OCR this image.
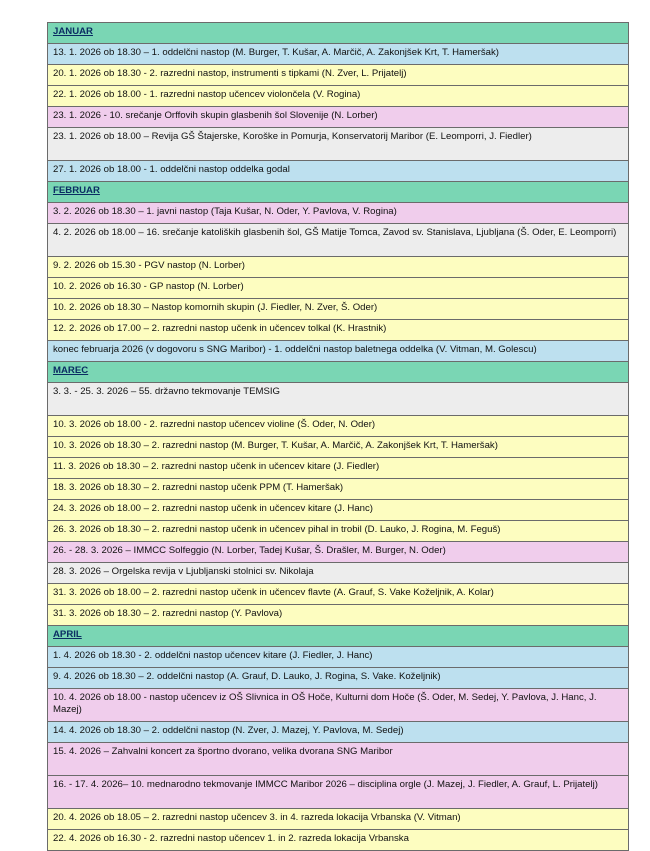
JANUAR
13. 1. 2026 ob 18.30 – 1. oddelčni nastop (M. Burger, T. Kušar, A. Marčič, A. Zakonjšek Krt, T. Hameršak)
20. 1. 2026 ob 18.30 - 2. razredni nastop, instrumenti s tipkami (N. Zver, L. Prijatelj)
22. 1. 2026 ob 18.00 - 1. razredni nastop učencev violončela (V. Rogina)
23. 1. 2026 - 10. srečanje Orffovih skupin glasbenih šol Slovenije (N. Lorber)
23. 1. 2026 ob 18.00 – Revija GŠ Štajerske, Koroške in Pomurja, Konservatorij Maribor (E. Leomporri, J. Fiedler)
27. 1. 2026 ob 18.00 - 1. oddelčni nastop oddelka godal
FEBRUAR
3. 2. 2026 ob 18.30 – 1. javni nastop (Taja Kušar, N. Oder, Y. Pavlova, V. Rogina)
4. 2. 2026 ob 18.00 – 16. srečanje katoliških glasbenih šol, GŠ Matije Tomca, Zavod sv. Stanislava, Ljubljana (Š. Oder, E. Leomporri)
9. 2. 2026 ob 15.30 - PGV nastop (N. Lorber)
10. 2. 2026 ob 16.30 - GP nastop (N. Lorber)
10. 2. 2026 ob 18.30 – Nastop komornih skupin (J. Fiedler, N. Zver, Š. Oder)
12. 2. 2026 ob 17.00 – 2. razredni nastop učenk in učencev tolkal (K. Hrastnik)
konec februarja 2026 (v dogovoru s SNG Maribor) - 1. oddelčni nastop baletnega oddelka (V. Vitman, M. Golescu)
MAREC
3. 3. - 25. 3. 2026 – 55. državno tekmovanje TEMSIG
10. 3. 2026 ob 18.00 - 2. razredni nastop učencev violine (Š. Oder, N. Oder)
10. 3. 2026 ob 18.30 – 2. razredni nastop (M. Burger, T. Kušar, A. Marčič, A. Zakonjšek Krt, T. Hameršak)
11. 3. 2026 ob 18.30 – 2. razredni nastop učenk in učencev kitare (J. Fiedler)
18. 3. 2026 ob 18.30 – 2. razredni nastop učenk PPM (T. Hameršak)
24. 3. 2026 ob 18.00 – 2. razredni nastop učenk in učencev kitare (J. Hanc)
26. 3. 2026 ob 18.30 – 2. razredni nastop učenk in učencev pihal in trobil (D. Lauko, J. Rogina, M. Feguš)
26. - 28. 3. 2026 – IMMCC Solfeggio (N. Lorber, Tadej Kušar, Š. Drašler, M. Burger, N. Oder)
28. 3. 2026 – Orgelska revija v Ljubljanski stolnici sv. Nikolaja
31. 3. 2026 ob 18.00 – 2. razredni nastop učenk in učencev flavte (A. Grauf, S. Vake Koželjnik, A. Kolar)
31. 3. 2026 ob 18.30 – 2. razredni nastop (Y. Pavlova)
APRIL
1. 4. 2026 ob 18.30 - 2. oddelčni nastop učencev kitare (J. Fiedler, J. Hanc)
9. 4. 2026 ob 18.30 – 2. oddelčni nastop (A. Grauf, D. Lauko, J. Rogina, S. Vake. Koželjnik)
10. 4. 2026 ob 18.00 - nastop učencev iz OŠ Slivnica in OŠ Hoče, Kulturni dom Hoče (Š. Oder, M. Sedej, Y. Pavlova, J. Hanc, J. Mazej)
14. 4. 2026 ob 18.30 – 2. oddelčni nastop (N. Zver, J. Mazej, Y. Pavlova, M. Sedej)
15. 4. 2026 – Zahvalni koncert za športno dvorano, velika dvorana SNG Maribor
16. - 17. 4. 2026– 10. mednarodno tekmovanje IMMCC Maribor 2026 – disciplina orgle (J. Mazej, J. Fiedler, A. Grauf, L. Prijatelj)
20. 4. 2026 ob 18.05 – 2. razredni nastop učencev 3. in 4. razreda lokacija Vrbanska (V. Vitman)
22. 4. 2026 ob 16.30 - 2. razredni nastop učencev 1. in 2. razreda lokacija Vrbanska
